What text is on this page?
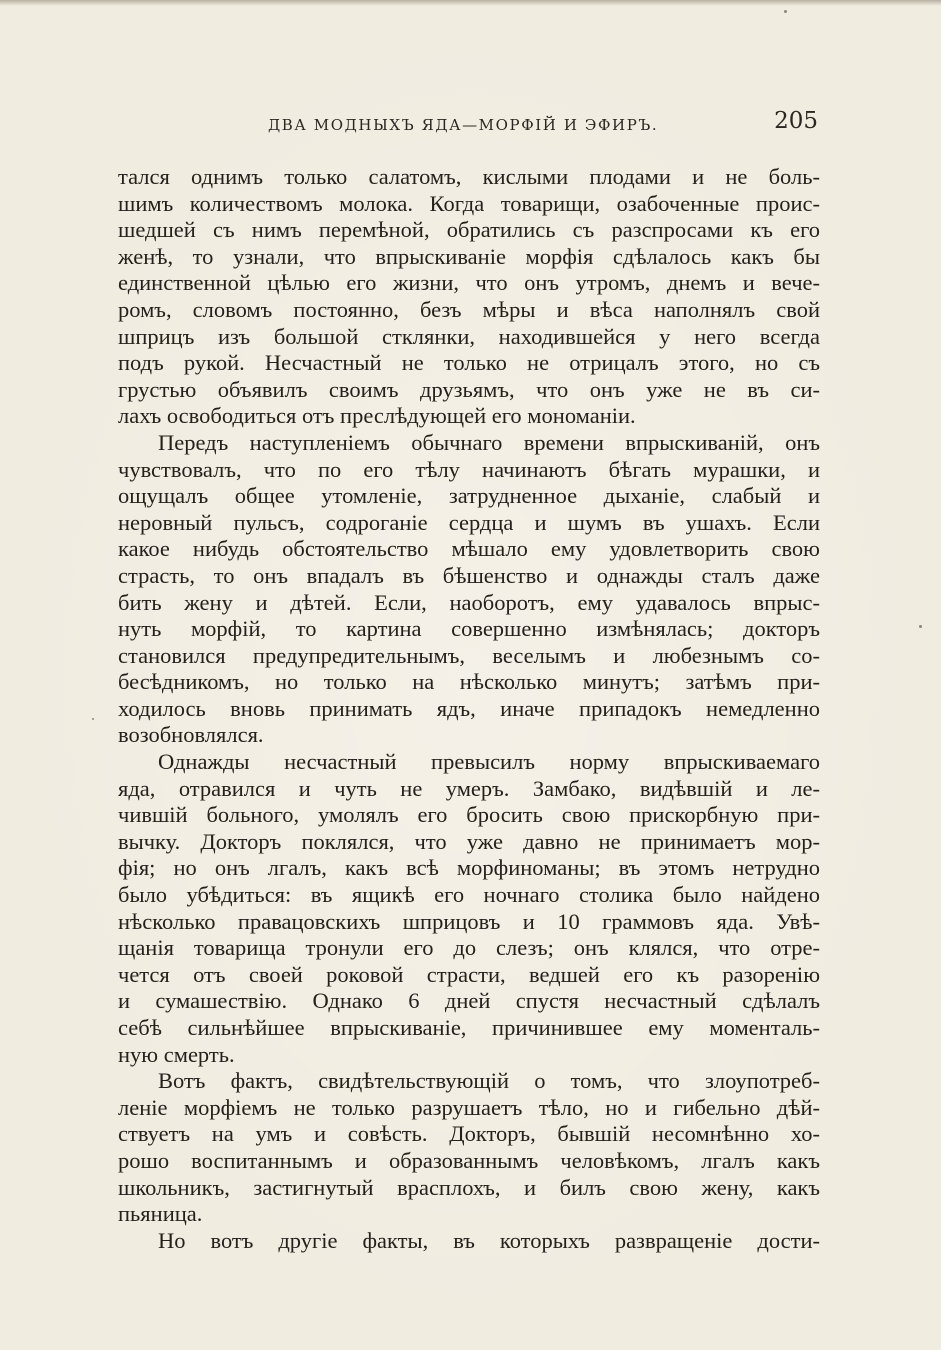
ДВА МОДНЫХЪ ЯДА—МОРФІЙ И ЭФИРЪ.	205
тался однимъ только салатомъ, кислыми плодами и не боль-
шимъ количествомъ молока. Когда товарищи, озабоченные проис-
шедшей съ нимъ перемѣной, обратились съ разспросами къ его
женѣ, то узнали, что впрыскиванiе морфiя сдѣлалось какъ бы
единственной цѣлью его жизни, что онъ утромъ, днемъ и вече-
ромъ, словомъ постоянно, безъ мѣры и вѣса наполнялъ свой
шприцъ изъ большой стклянки, находившейся у него всегда
подъ рукой. Несчастный не только не отрицалъ этого, но съ
грустью объявилъ своимъ друзьямъ, что онъ уже не въ си-
лахъ освободиться отъ преслѣдующей его мономанiи.
Передъ наступленiемъ обычнаго времени впрыскиванiй, онъ
чувствовалъ, что по его тѣлу начинаютъ бѣгать мурашки, и
ощущалъ общее утомленiе, затрудненное дыханiе, слабый и
неровный пульсъ, содроганiе сердца и шумъ въ ушахъ. Если
какое нибудь обстоятельство мѣшало ему удовлетворить свою
страсть, то онъ впадалъ въ бѣшенство и однажды сталъ даже
бить жену и дѣтей. Если, наоборотъ, ему удавалось впрыс-
нуть морфiй, то картина совершенно измѣнялась; докторъ
становился предупредительнымъ, веселымъ и любезнымъ со-
бесѣдникомъ, но только на нѣсколько минутъ; затѣмъ при-
ходилось вновь принимать ядъ, иначе припадокъ немедленно
возобновлялся.
Однажды несчастный превысилъ норму впрыскиваемаго
яда, отравился и чуть не умеръ. Замбако, видѣвшiй и ле-
чившiй больного, умолялъ его бросить свою прискорбную при-
вычку. Докторъ поклялся, что уже давно не принимаетъ мор-
фiя; но онъ лгалъ, какъ всѣ морфиноманы; въ этомъ нетрудно
было убѣдиться: въ ящикѣ его ночнаго столика было найдено
нѣсколько правацовскихъ шприцовъ и 10 граммовъ яда. Увѣ-
щанiя товарища тронули его до слезъ; онъ клялся, что отре-
чется отъ своей роковой страсти, ведшей его къ разоренiю
и сумашествiю. Однако 6 дней спустя несчастный сдѣлалъ
себѣ сильнѣйшее впрыскиванiе, причинившее ему моменталь-
ную смерть.
Вотъ фактъ, свидѣтельствующiй о томъ, что злоупотреб-
ленiе морфiемъ не только разрушаетъ тѣло, но и гибельно дѣй-
ствуетъ на умъ и совѣсть. Докторъ, бывшiй несомнѣнно хо-
рошо воспитаннымъ и образованнымъ человѣкомъ, лгалъ какъ
школьникъ, застигнутый врасплохъ, и билъ свою жену, какъ
пьяница.
Но вотъ другiе факты, въ которыхъ развращенiе дости-
